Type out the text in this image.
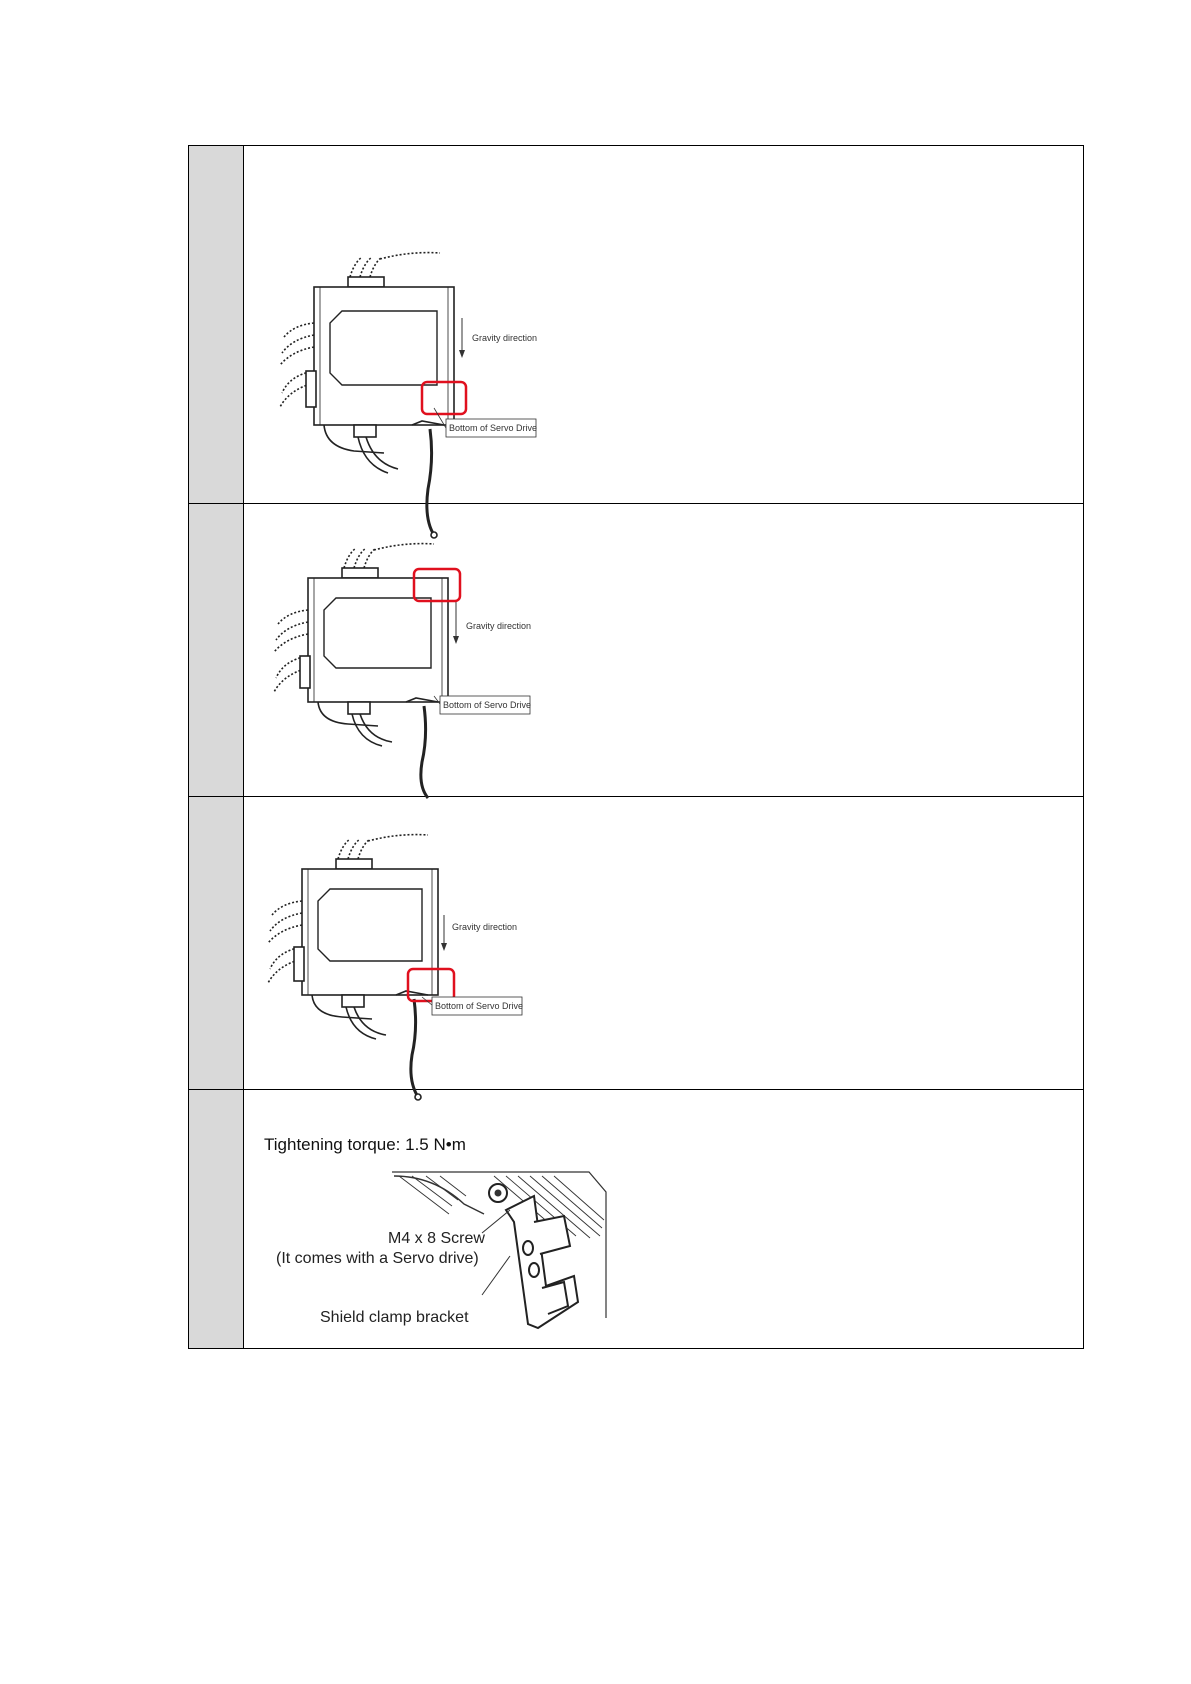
Gravity direction
Bottom of Servo Drive
Gravity direction
Bottom of Servo Drive
Gravity direction
Bottom of Servo Drive
Tightening torque: 1.5 N•m
M4 x 8 Screw
(It comes with a Servo drive)
Shield clamp bracket
